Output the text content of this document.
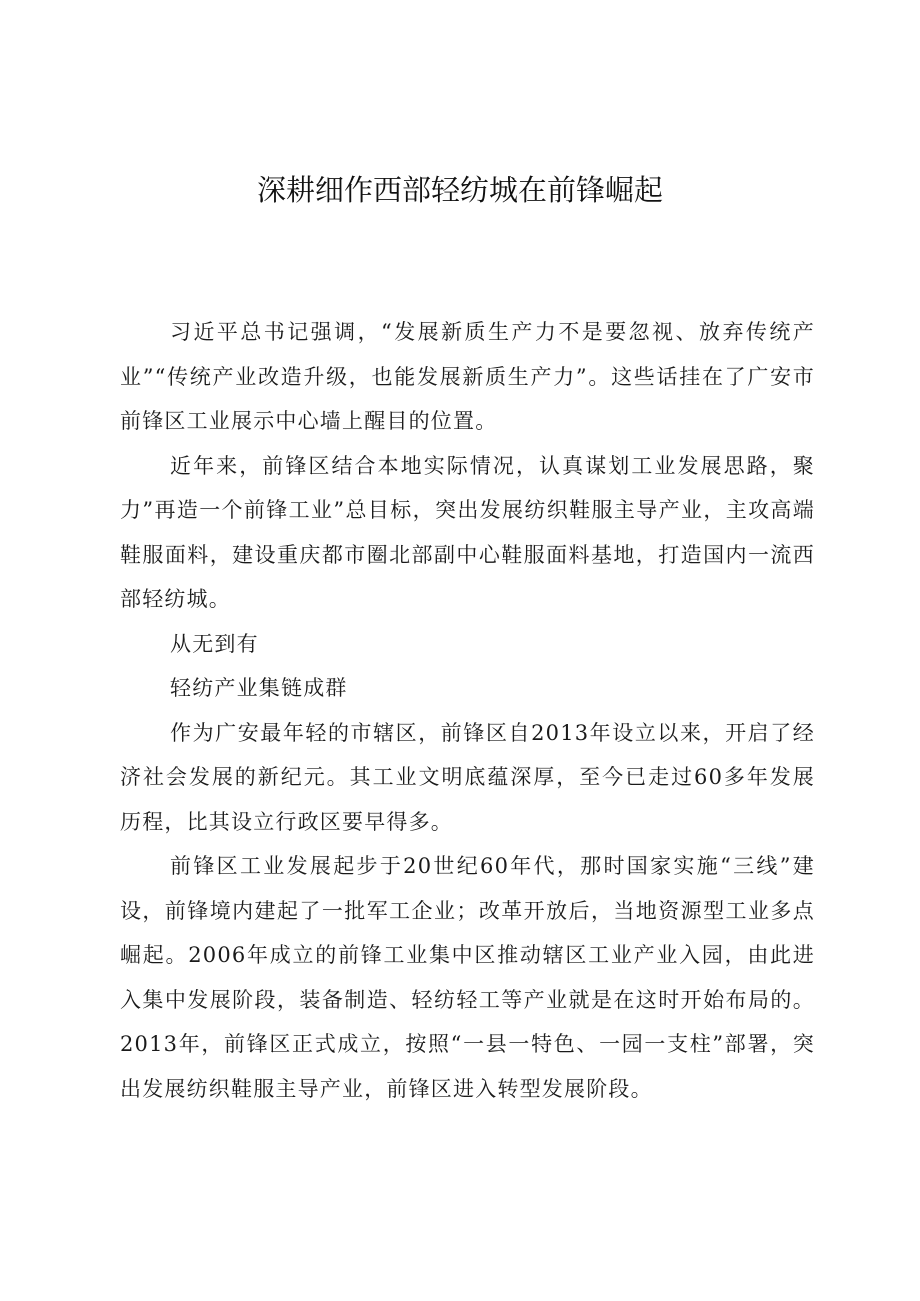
深耕细作西部轻纺城在前锋崛起

习近平总书记强调，“发展新质生产力不是要忽视、放弃传统产业”“传统产业改造升级，也能发展新质生产力”。这些话挂在了广安市前锋区工业展示中心墙上醒目的位置。

近年来，前锋区结合本地实际情况，认真谋划工业发展思路，聚力”再造一个前锋工业”总目标，突出发展纺织鞋服主导产业，主攻高端鞋服面料，建设重庆都市圈北部副中心鞋服面料基地，打造国内一流西部轻纺城。

从无到有

轻纺产业集链成群

作为广安最年轻的市辖区，前锋区自2013年设立以来，开启了经济社会发展的新纪元。其工业文明底蕴深厚，至今已走过60多年发展历程，比其设立行政区要早得多。

前锋区工业发展起步于20世纪60年代，那时国家实施“三线”建设，前锋境内建起了一批军工企业；改革开放后，当地资源型工业多点崛起。2006年成立的前锋工业集中区推动辖区工业产业入园，由此进入集中发展阶段，装备制造、轻纺轻工等产业就是在这时开始布局的。2013年，前锋区正式成立，按照“一县一特色、一园一支柱”部署，突出发展纺织鞋服主导产业，前锋区进入转型发展阶段。
